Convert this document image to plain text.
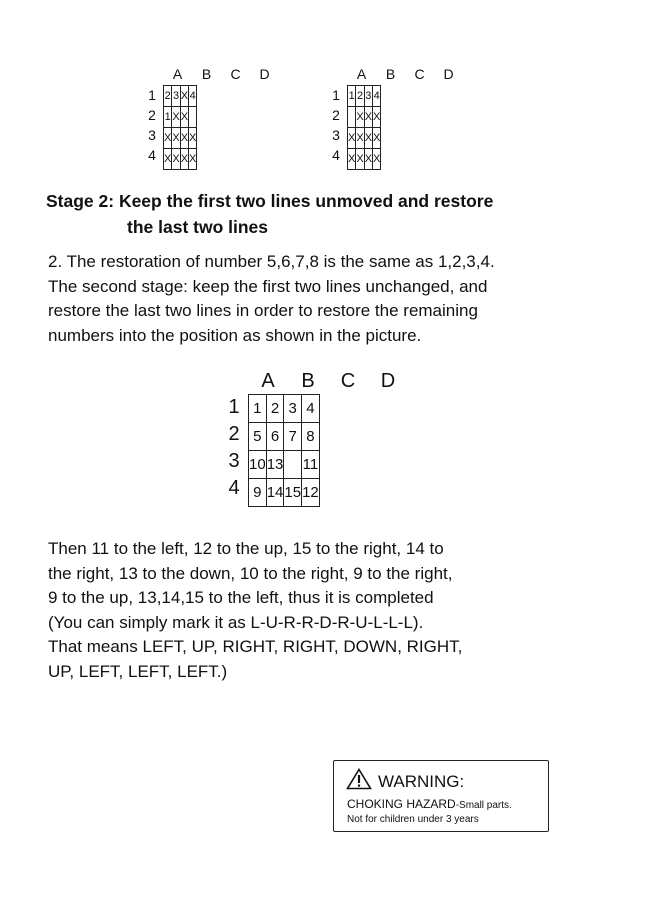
A	B	C	D
1
2
3
4
2	3	X	4
1	X	X	
X	X	X	X
X	X	X	X
A	B	C	D
1
2
3
4
1	2	3	4
	X	X	X
X	X	X	X
X	X	X	X
Stage 2: Keep the first two lines unmoved and restore
the last two lines
2. The restoration of number 5,6,7,8 is the same as 1,2,3,4.
The second stage: keep the first two lines unchanged, and
restore the last two lines in order to restore the remaining
numbers into the position as shown in the picture.
A	B	C	D
1
2
3
4
1	2	3	4
5	6	7	8
10	13		11
9	14	15	12
Then 11 to the left, 12 to the up, 15 to the right, 14 to
the right, 13 to the down, 10 to the right, 9 to the right,
9 to the up, 13,14,15 to the left, thus it is completed
(You can simply mark it as L-U-R-R-D-R-U-L-L-L).
That means LEFT, UP, RIGHT, RIGHT, DOWN, RIGHT,
UP, LEFT, LEFT, LEFT.)
WARNING:
CHOKING HAZARD-Small parts.
Not for children under 3 years
